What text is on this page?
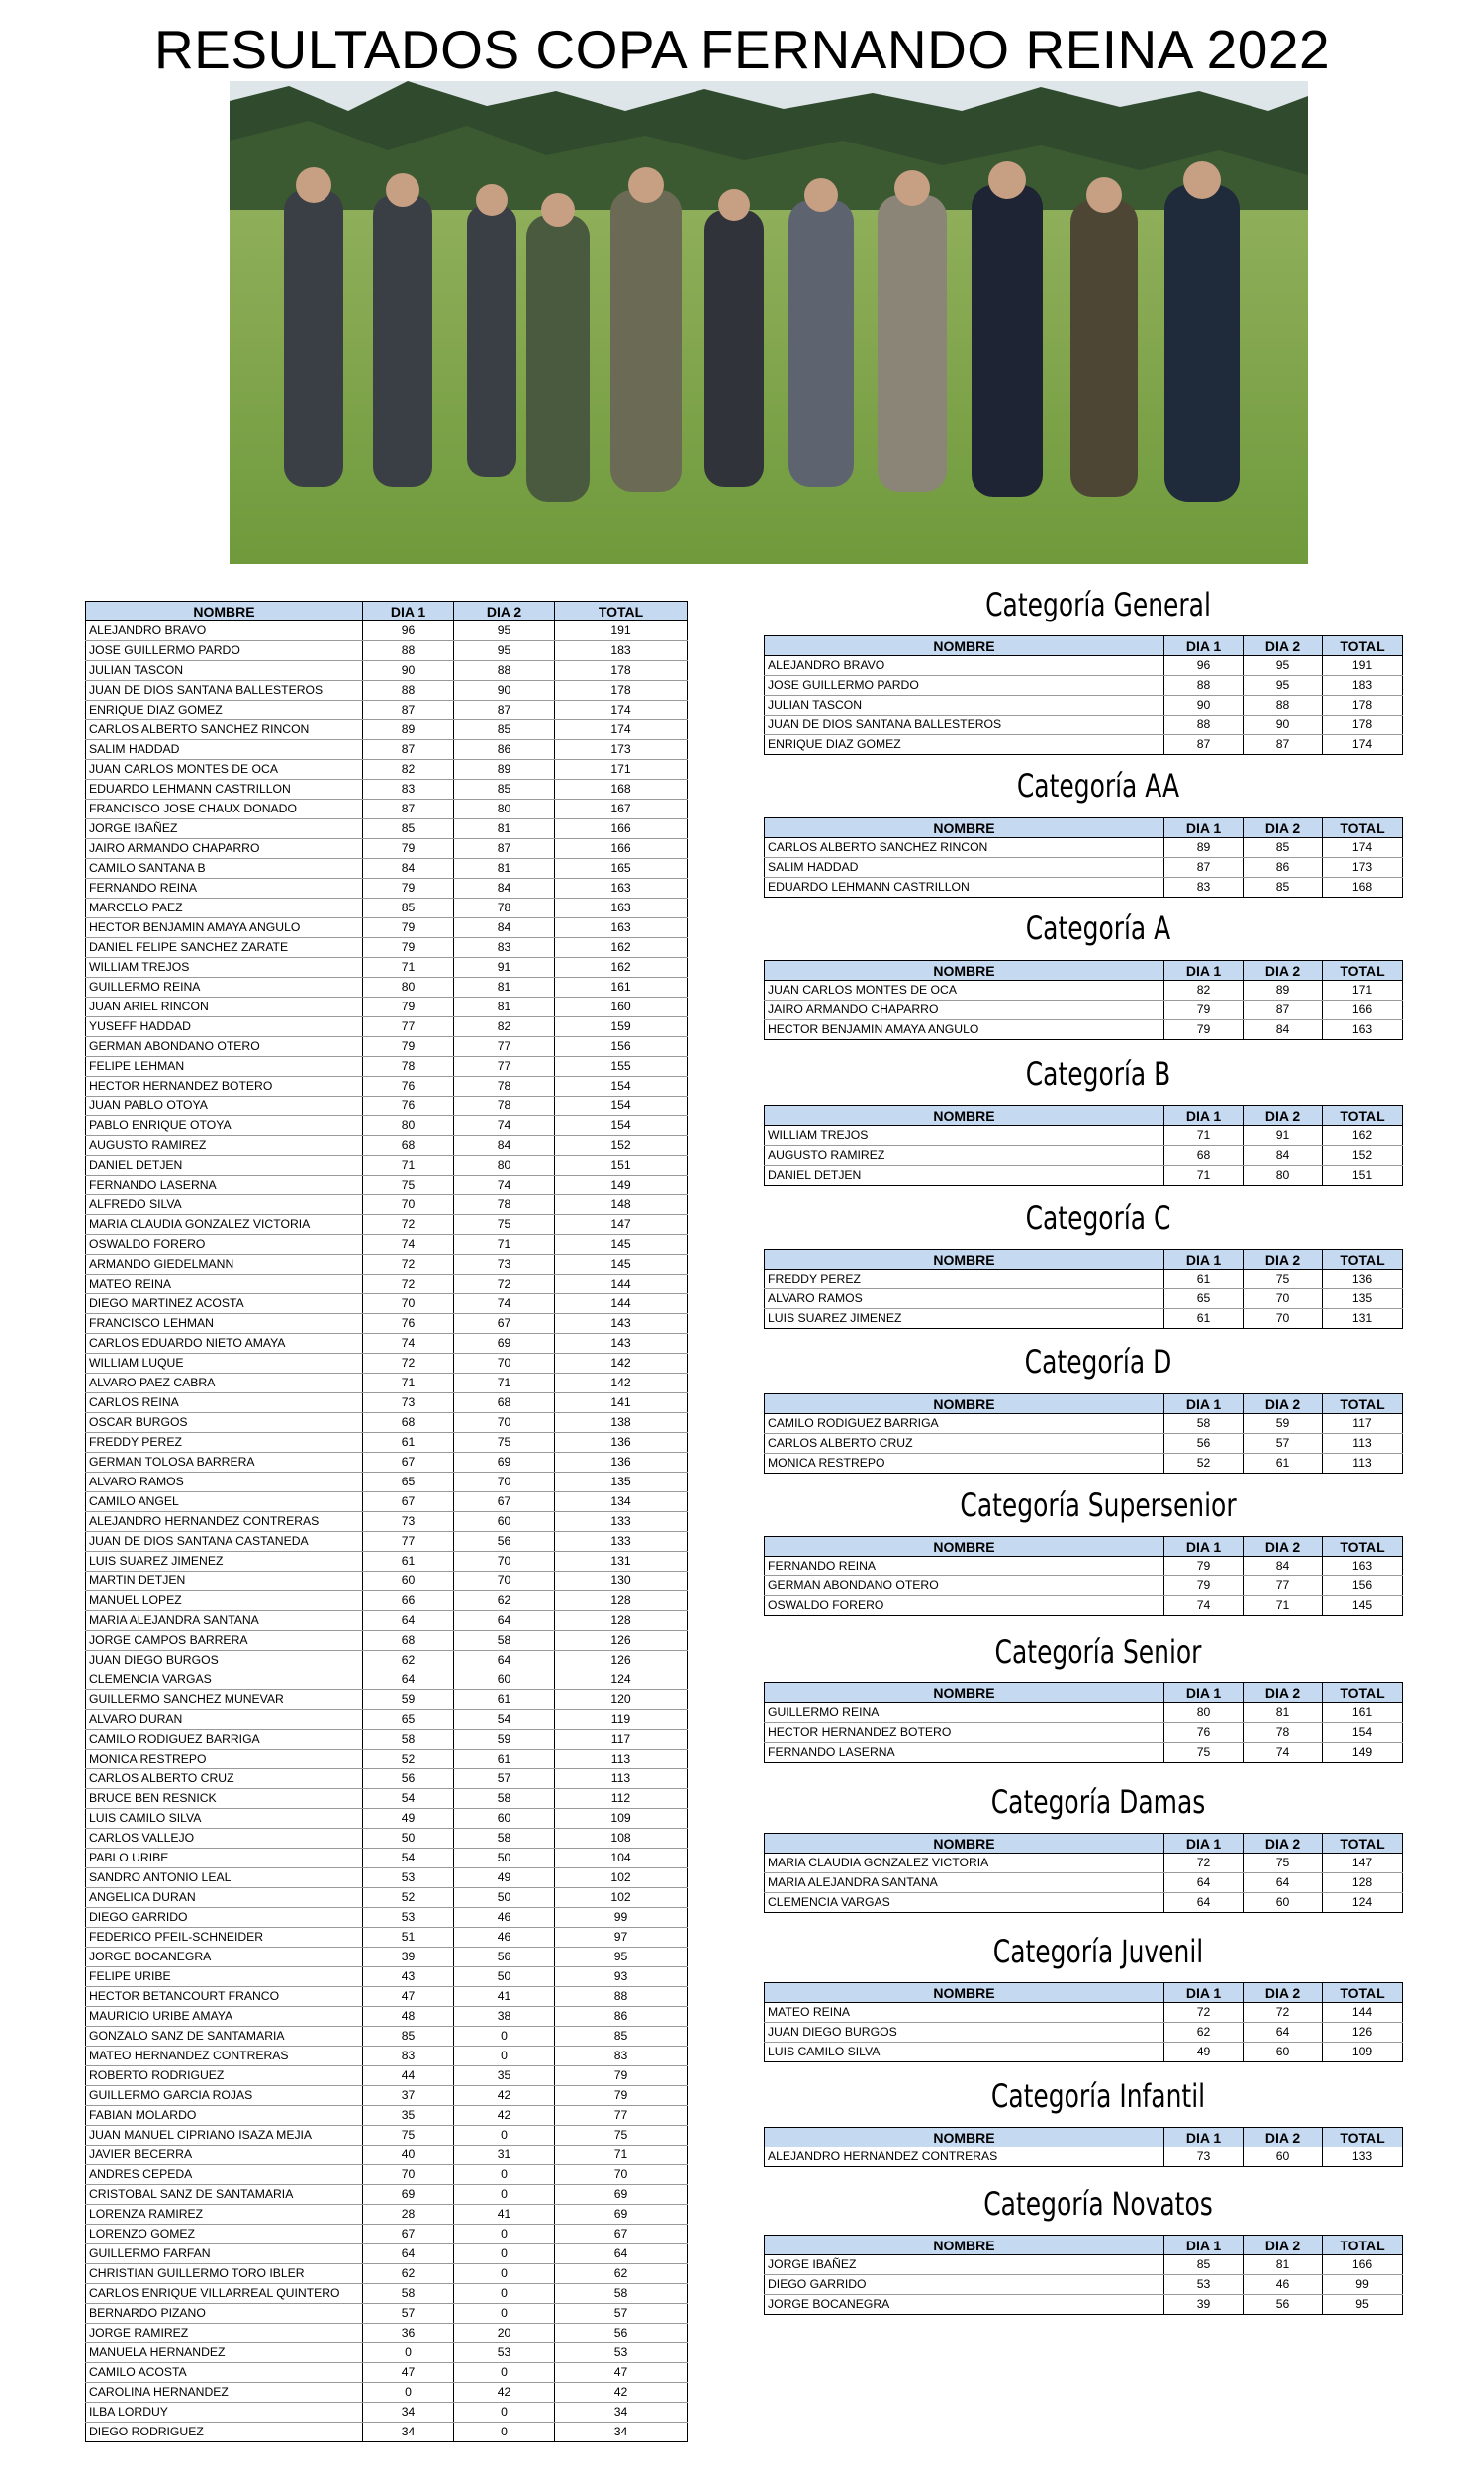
RESULTADOS COPA FERNANDO REINA 2022
NOMBRE	DIA 1	DIA 2	TOTAL
ALEJANDRO BRAVO	96	95	191
JOSE GUILLERMO PARDO	88	95	183
JULIAN TASCON	90	88	178
JUAN DE DIOS SANTANA BALLESTEROS	88	90	178
ENRIQUE DIAZ GOMEZ	87	87	174
CARLOS ALBERTO SANCHEZ RINCON	89	85	174
SALIM HADDAD	87	86	173
JUAN CARLOS MONTES DE OCA	82	89	171
EDUARDO LEHMANN CASTRILLON	83	85	168
FRANCISCO JOSE CHAUX DONADO	87	80	167
JORGE IBAÑEZ	85	81	166
JAIRO ARMANDO CHAPARRO	79	87	166
CAMILO SANTANA B	84	81	165
FERNANDO REINA	79	84	163
MARCELO PAEZ	85	78	163
HECTOR BENJAMIN AMAYA ANGULO	79	84	163
DANIEL FELIPE SANCHEZ ZARATE	79	83	162
WILLIAM TREJOS	71	91	162
GUILLERMO REINA	80	81	161
JUAN ARIEL RINCON	79	81	160
YUSEFF HADDAD	77	82	159
GERMAN ABONDANO OTERO	79	77	156
FELIPE LEHMAN	78	77	155
HECTOR HERNANDEZ BOTERO	76	78	154
JUAN PABLO OTOYA	76	78	154
PABLO ENRIQUE OTOYA	80	74	154
AUGUSTO RAMIREZ	68	84	152
DANIEL DETJEN	71	80	151
FERNANDO LASERNA	75	74	149
ALFREDO SILVA	70	78	148
MARIA CLAUDIA GONZALEZ VICTORIA	72	75	147
OSWALDO FORERO	74	71	145
ARMANDO GIEDELMANN	72	73	145
MATEO REINA	72	72	144
DIEGO MARTINEZ ACOSTA	70	74	144
FRANCISCO LEHMAN	76	67	143
CARLOS EDUARDO NIETO AMAYA	74	69	143
WILLIAM LUQUE	72	70	142
ALVARO PAEZ CABRA	71	71	142
CARLOS REINA	73	68	141
OSCAR BURGOS	68	70	138
FREDDY PEREZ	61	75	136
GERMAN TOLOSA BARRERA	67	69	136
ALVARO RAMOS	65	70	135
CAMILO ANGEL	67	67	134
ALEJANDRO HERNANDEZ CONTRERAS	73	60	133
JUAN DE DIOS SANTANA CASTANEDA	77	56	133
LUIS SUAREZ JIMENEZ	61	70	131
MARTIN DETJEN	60	70	130
MANUEL LOPEZ	66	62	128
MARIA ALEJANDRA SANTANA	64	64	128
JORGE CAMPOS BARRERA	68	58	126
JUAN DIEGO BURGOS	62	64	126
CLEMENCIA VARGAS	64	60	124
GUILLERMO SANCHEZ MUNEVAR	59	61	120
ALVARO DURAN	65	54	119
CAMILO RODIGUEZ BARRIGA	58	59	117
MONICA RESTREPO	52	61	113
CARLOS ALBERTO CRUZ	56	57	113
BRUCE BEN RESNICK	54	58	112
LUIS CAMILO SILVA	49	60	109
CARLOS VALLEJO	50	58	108
PABLO URIBE	54	50	104
SANDRO ANTONIO LEAL	53	49	102
ANGELICA DURAN	52	50	102
DIEGO GARRIDO	53	46	99
FEDERICO PFEIL-SCHNEIDER	51	46	97
JORGE BOCANEGRA	39	56	95
FELIPE URIBE	43	50	93
HECTOR BETANCOURT FRANCO	47	41	88
MAURICIO URIBE AMAYA	48	38	86
GONZALO SANZ DE SANTAMARIA	85	0	85
MATEO HERNANDEZ CONTRERAS	83	0	83
ROBERTO RODRIGUEZ	44	35	79
GUILLERMO GARCIA ROJAS	37	42	79
FABIAN MOLARDO	35	42	77
JUAN MANUEL CIPRIANO ISAZA MEJIA	75	0	75
JAVIER BECERRA	40	31	71
ANDRES CEPEDA	70	0	70
CRISTOBAL SANZ DE SANTAMARIA	69	0	69
LORENZA RAMIREZ	28	41	69
LORENZO GOMEZ	67	0	67
GUILLERMO FARFAN	64	0	64
CHRISTIAN GUILLERMO TORO IBLER	62	0	62
CARLOS ENRIQUE VILLARREAL QUINTERO	58	0	58
BERNARDO PIZANO	57	0	57
JORGE RAMIREZ	36	20	56
MANUELA HERNANDEZ	0	53	53
CAMILO ACOSTA	47	0	47
CAROLINA HERNANDEZ	0	42	42
ILBA LORDUY	34	0	34
DIEGO RODRIGUEZ	34	0	34
Categoría General
NOMBRE	DIA 1	DIA 2	TOTAL
ALEJANDRO BRAVO	96	95	191
JOSE GUILLERMO PARDO	88	95	183
JULIAN TASCON	90	88	178
JUAN DE DIOS SANTANA BALLESTEROS	88	90	178
ENRIQUE DIAZ GOMEZ	87	87	174
Categoría AA
NOMBRE	DIA 1	DIA 2	TOTAL
CARLOS ALBERTO SANCHEZ RINCON	89	85	174
SALIM HADDAD	87	86	173
EDUARDO LEHMANN CASTRILLON	83	85	168
Categoría A
NOMBRE	DIA 1	DIA 2	TOTAL
JUAN CARLOS MONTES DE OCA	82	89	171
JAIRO ARMANDO CHAPARRO	79	87	166
HECTOR BENJAMIN AMAYA ANGULO	79	84	163
Categoría B
NOMBRE	DIA 1	DIA 2	TOTAL
WILLIAM TREJOS	71	91	162
AUGUSTO RAMIREZ	68	84	152
DANIEL DETJEN	71	80	151
Categoría C
NOMBRE	DIA 1	DIA 2	TOTAL
FREDDY PEREZ	61	75	136
ALVARO RAMOS	65	70	135
LUIS SUAREZ JIMENEZ	61	70	131
Categoría D
NOMBRE	DIA 1	DIA 2	TOTAL
CAMILO RODIGUEZ BARRIGA	58	59	117
CARLOS ALBERTO CRUZ	56	57	113
MONICA RESTREPO	52	61	113
Categoría Supersenior
NOMBRE	DIA 1	DIA 2	TOTAL
FERNANDO REINA	79	84	163
GERMAN ABONDANO OTERO	79	77	156
OSWALDO FORERO	74	71	145
Categoría Senior
NOMBRE	DIA 1	DIA 2	TOTAL
GUILLERMO REINA	80	81	161
HECTOR HERNANDEZ BOTERO	76	78	154
FERNANDO LASERNA	75	74	149
Categoría Damas
NOMBRE	DIA 1	DIA 2	TOTAL
MARIA CLAUDIA GONZALEZ VICTORIA	72	75	147
MARIA ALEJANDRA SANTANA	64	64	128
CLEMENCIA VARGAS	64	60	124
Categoría Juvenil
NOMBRE	DIA 1	DIA 2	TOTAL
MATEO REINA	72	72	144
JUAN DIEGO BURGOS	62	64	126
LUIS CAMILO SILVA	49	60	109
Categoría Infantil
NOMBRE	DIA 1	DIA 2	TOTAL
ALEJANDRO HERNANDEZ CONTRERAS	73	60	133
Categoría Novatos
NOMBRE	DIA 1	DIA 2	TOTAL
JORGE IBAÑEZ	85	81	166
DIEGO GARRIDO	53	46	99
JORGE BOCANEGRA	39	56	95
